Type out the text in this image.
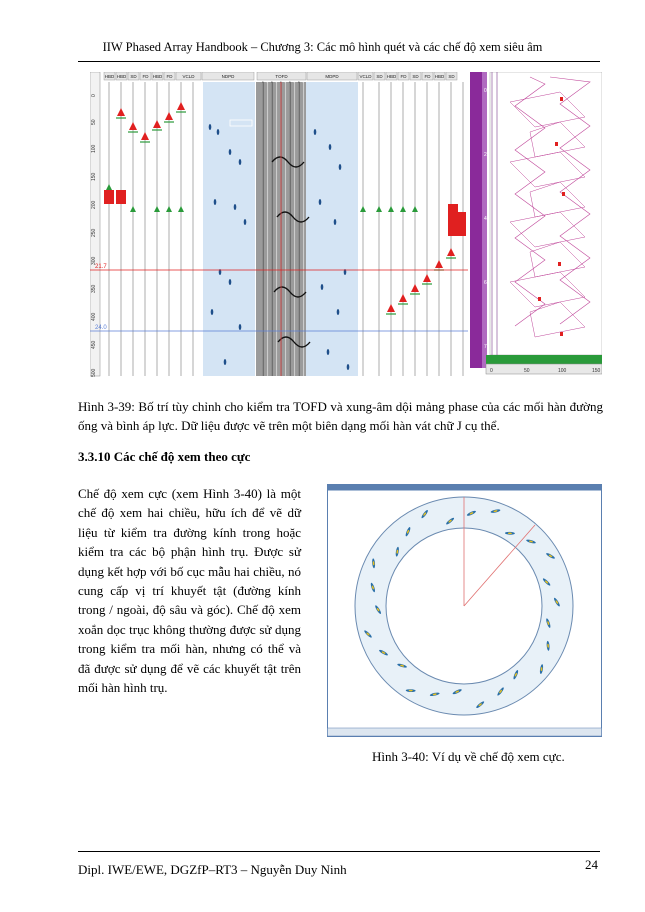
IIW Phased Array Handbook – Chương 3: Các mô hình quét và các chế độ xem siêu âm
0
50
100
150
200
250
300
350
400
450
500
HBD HBD SD FD HBD FD VCLD	NDPD	TOFD	MDPD	VCLD SD HBD FD SD FD HBD SD
21.7
24.0
0
20
40
60
73
0	50	100	150
Hình 3-39: Bố trí tùy chỉnh cho kiểm tra TOFD và xung-âm dội mảng phase của các mối hàn đường ống và bình áp lực. Dữ liệu được vẽ trên một biên dạng mối hàn vát chữ J cụ thể.
3.3.10 Các chế độ xem theo cực
Chế độ xem cực (xem Hình 3-40) là một chế độ xem hai chiều, hữu ích để vẽ dữ liệu từ kiểm tra đường kính trong hoặc kiểm tra các bộ phận hình trụ. Được sử dụng kết hợp với bố cục mẫu hai chiều, nó cung cấp vị trí khuyết tật (đường kính trong / ngoài, độ sâu và góc). Chế độ xem xoắn dọc trục không thường được sử dụng trong kiểm tra mối hàn, nhưng có thể và đã được sử dụng để vẽ các khuyết tật trên mối hàn hình trụ.
Hình 3-40: Ví dụ về chế độ xem cực.
Dipl. IWE/EWE, DGZfP–RT3 – Nguyễn Duy Ninh	24
